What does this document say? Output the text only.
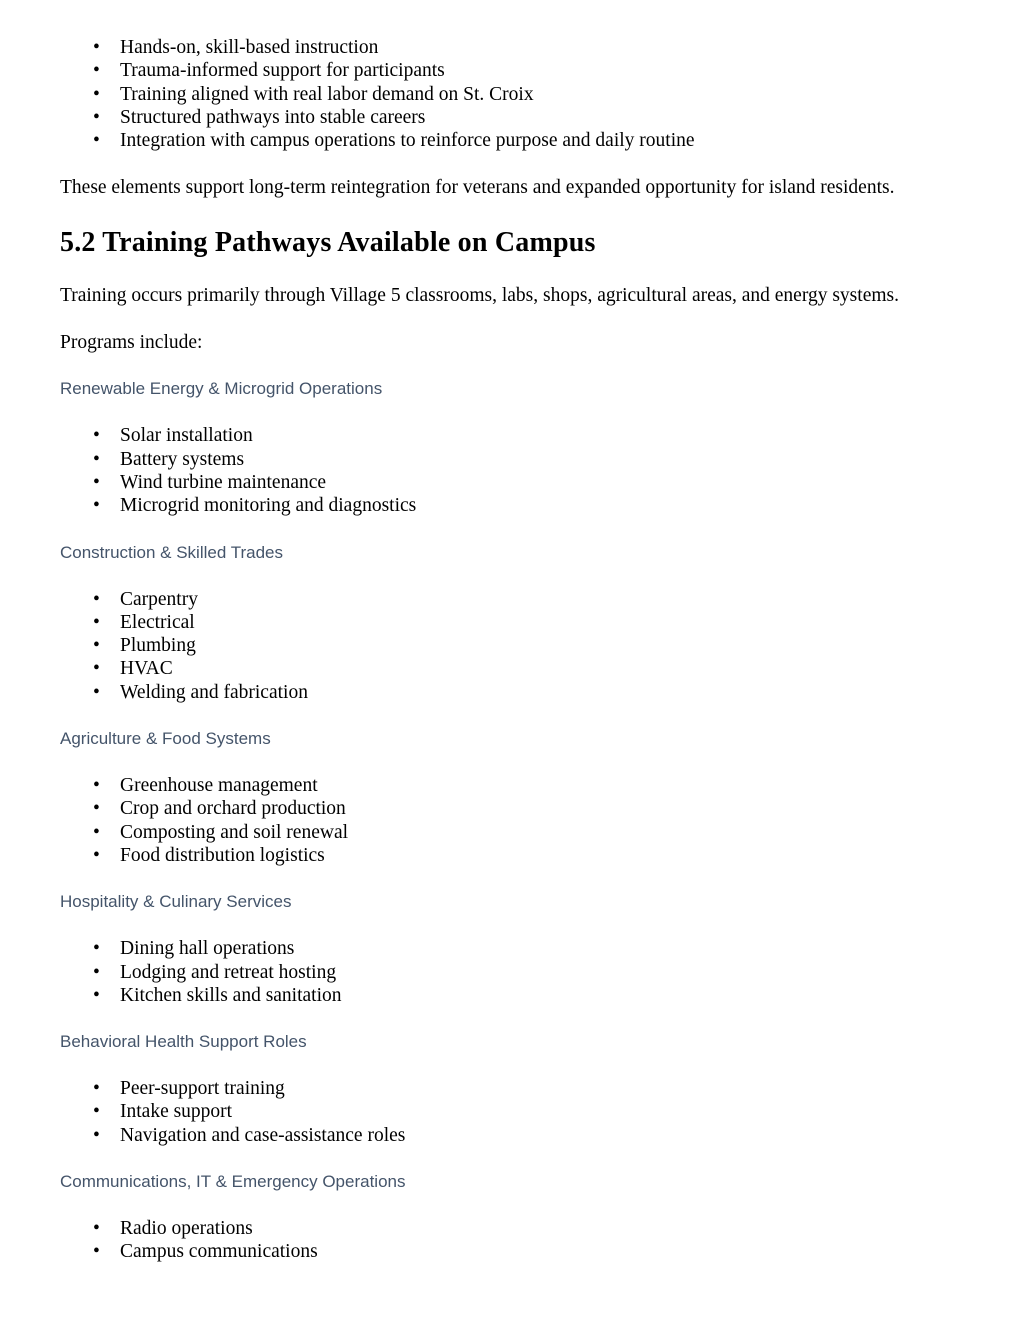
• Hands-on, skill-based instruction
• Trauma-informed support for participants
• Training aligned with real labor demand on St. Croix
• Structured pathways into stable careers
• Integration with campus operations to reinforce purpose and daily routine

These elements support long-term reintegration for veterans and expanded opportunity for island residents.

5.2 Training Pathways Available on Campus

Training occurs primarily through Village 5 classrooms, labs, shops, agricultural areas, and energy systems.

Programs include:

Renewable Energy & Microgrid Operations
• Solar installation
• Battery systems
• Wind turbine maintenance
• Microgrid monitoring and diagnostics
Construction & Skilled Trades
• Carpentry
• Electrical
• Plumbing
• HVAC
• Welding and fabrication
Agriculture & Food Systems
• Greenhouse management
• Crop and orchard production
• Composting and soil renewal
• Food distribution logistics
Hospitality & Culinary Services
• Dining hall operations
• Lodging and retreat hosting
• Kitchen skills and sanitation
Behavioral Health Support Roles
• Peer-support training
• Intake support
• Navigation and case-assistance roles
Communications, IT & Emergency Operations
• Radio operations
• Campus communications
